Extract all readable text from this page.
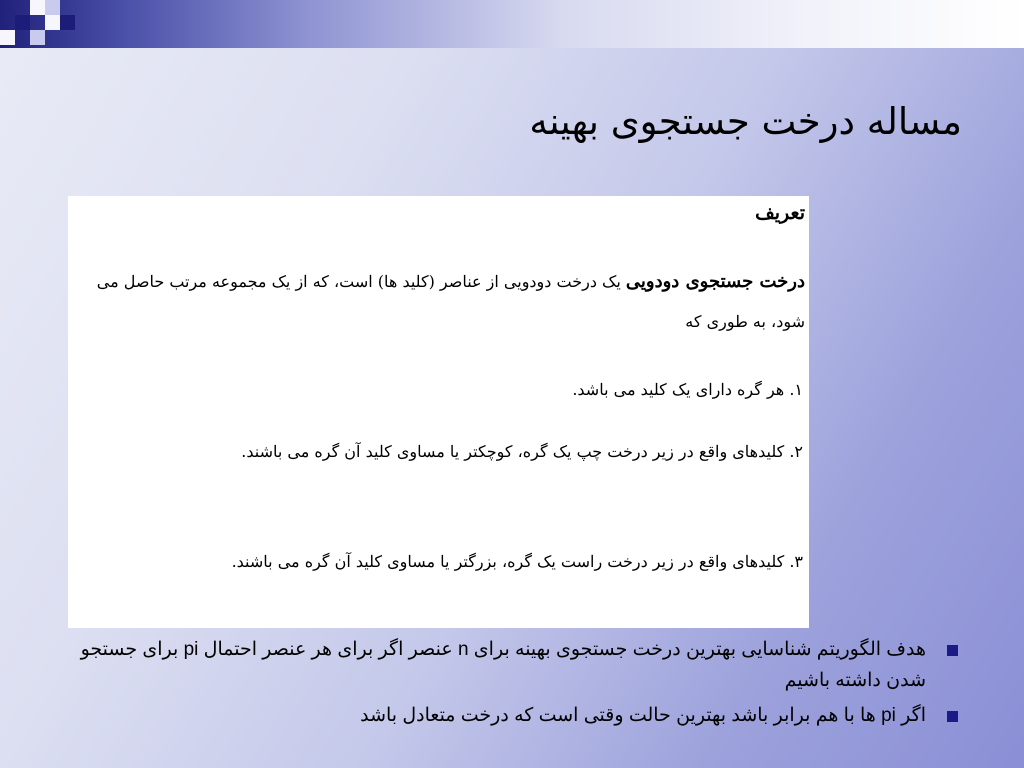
مساله درخت جستجوی بهینه

تعریف

درخت جستجوی دودویی یک درخت دودویی از عناصر (کلید ها) است، که از یک مجموعه مرتب حاصل می شود، به طوری که

۱. هر گره دارای یک کلید می باشد.

۲. کلیدهای واقع در زیر درخت چپ یک گره، کوچکتر یا مساوی کلید آن گره می باشند.

۳. کلیدهای واقع در زیر درخت راست یک گره، بزرگتر یا مساوی کلید آن گره می باشند.

هدف الگوریتم شناسایی بهترین درخت جستجوی بهینه برای n عنصر اگر برای هر عنصر احتمال pi برای جستجو شدن داشته باشیم
اگر pi ها با هم برابر باشد بهترین حالت وقتی است که درخت متعادل باشد
